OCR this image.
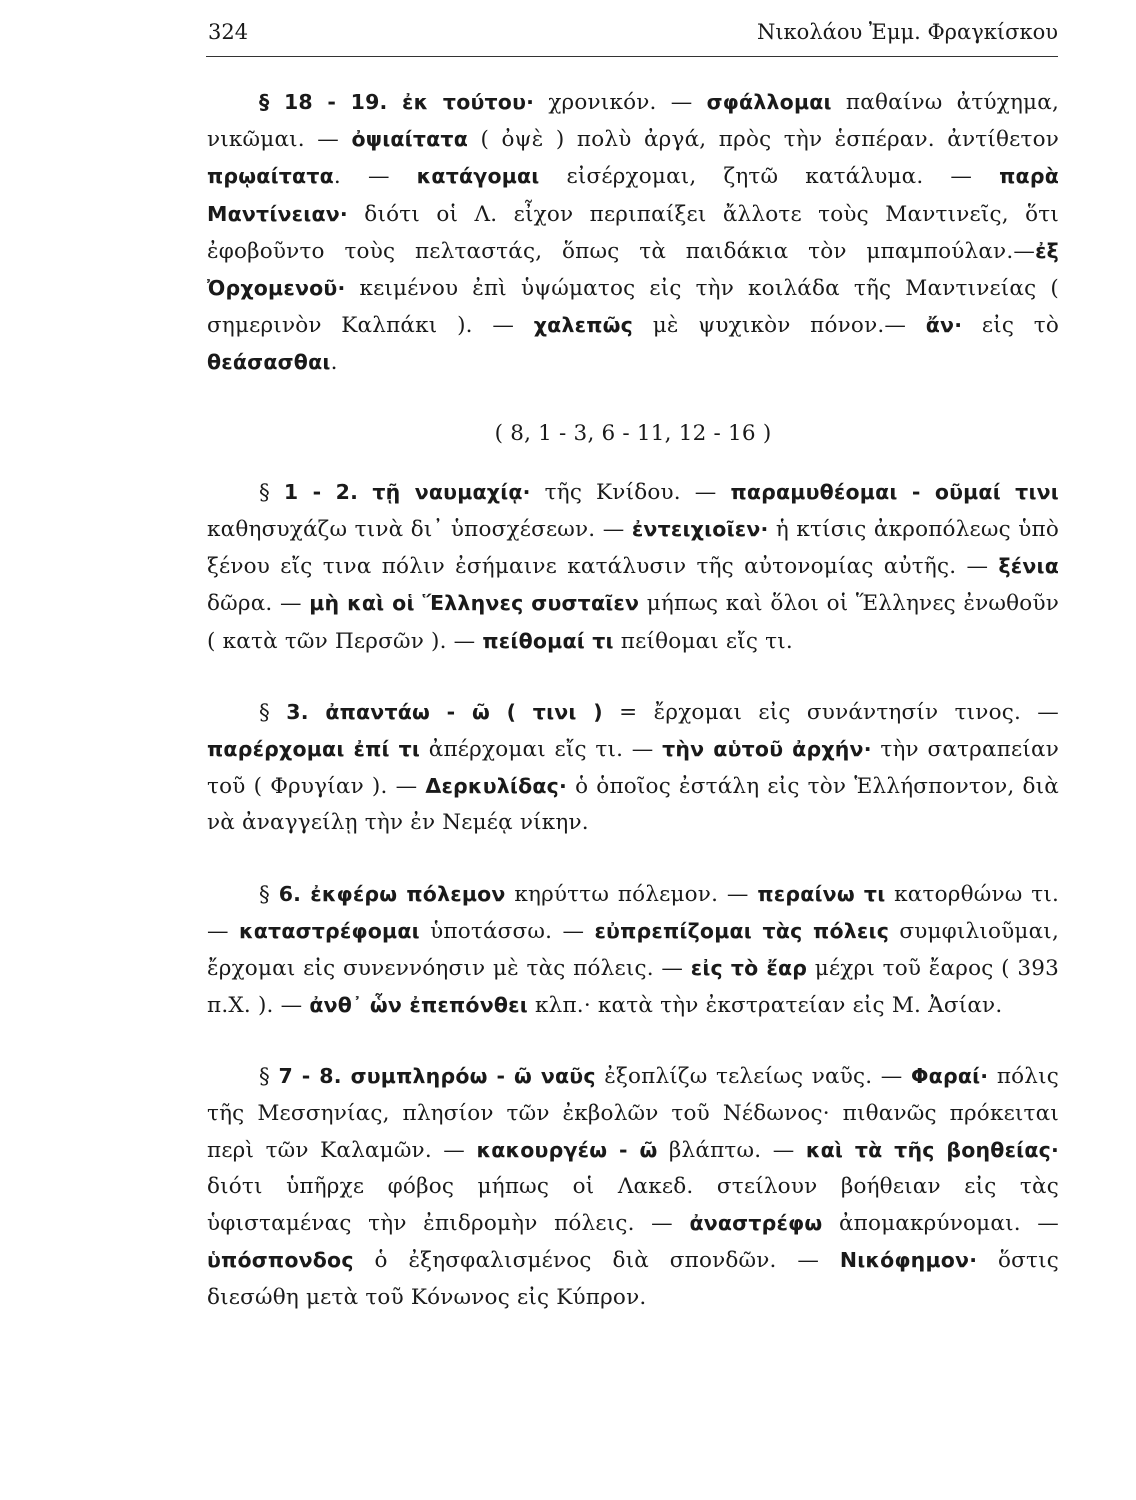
324	Νικολάου Ἐμμ. Φραγκίσκου

§ 18 - 19. ἐκ τούτου· χρονικόν. — σφάλλομαι παθαίνω ἀτύχημα, νικῶμαι. — ὀψιαίτατα ( ὀψὲ ) πολὺ ἀργά, πρὸς τὴν ἑσπέραν. ἀντίθετον πρῳαίτατα. — κατάγομαι εἰσέρχομαι, ζητῶ κατάλυμα. — παρὰ Μαντίνειαν· διότι οἱ Λ. εἶχον περιπαίξει ἄλλοτε τοὺς Μαντινεῖς, ὅτι ἐφοβοῦντο τοὺς πελταστάς, ὅπως τὰ παιδάκια τὸν μπαμπούλαν.—ἐξ Ὀρχομενοῦ· κειμένου ἐπὶ ὑψώματος εἰς τὴν κοιλάδα τῆς Μαντινείας ( σημερινὸν Καλπάκι ). — χαλεπῶς μὲ ψυχικὸν πόνον.— ἄν· εἰς τὸ θεάσασθαι.

( 8, 1 - 3, 6 - 11, 12 - 16 )

§ 1 - 2. τῇ ναυμαχίᾳ· τῆς Κνίδου. — παραμυθέομαι - οῦμαί τινι καθησυχάζω τινὰ δι᾿ ὑποσχέσεων. — ἐντειχιοῖεν· ἡ κτίσις ἀκροπόλεως ὑπὸ ξένου εἴς τινα πόλιν ἐσήμαινε κατάλυσιν τῆς αὐτονομίας αὐτῆς. — ξένια δῶρα. — μὴ καὶ οἱ Ἕλληνες συσταῖεν μήπως καὶ ὅλοι οἱ Ἕλληνες ἐνωθοῦν ( κατὰ τῶν Περσῶν ). — πείθομαί τι πείθομαι εἴς τι.

§ 3. ἀπαντάω - ῶ ( τινι ) = ἔρχομαι εἰς συνάντησίν τινος. — παρέρχομαι ἐπί τι ἀπέρχομαι εἴς τι. — τὴν αὑτοῦ ἀρχήν· τὴν σατραπείαν τοῦ ( Φρυγίαν ). — Δερκυλίδας· ὁ ὁποῖος ἐστάλη εἰς τὸν Ἑλλήσποντον, διὰ νὰ ἀναγγείλῃ τὴν ἐν Νεμέᾳ νίκην.

§ 6. ἐκφέρω πόλεμον κηρύττω πόλεμον. — περαίνω τι κατορθώνω τι. — καταστρέφομαι ὑποτάσσω. — εὐπρεπίζομαι τὰς πόλεις συμφιλιοῦμαι, ἔρχομαι εἰς συνεννόησιν μὲ τὰς πόλεις. — εἰς τὸ ἔαρ μέχρι τοῦ ἔαρος ( 393 π.Χ. ). — ἀνθ᾿ ὧν ἐπεπόνθει κλπ.· κατὰ τὴν ἐκστρατείαν εἰς Μ. Ἀσίαν.

§ 7 - 8. συμπληρόω - ῶ ναῦς ἐξοπλίζω τελείως ναῦς. — Φαραί· πόλις τῆς Μεσσηνίας, πλησίον τῶν ἐκβολῶν τοῦ Νέδωνος· πιθανῶς πρόκειται περὶ τῶν Καλαμῶν. — κακουργέω - ῶ βλάπτω. — καὶ τὰ τῆς βοηθείας· διότι ὑπῆρχε φόβος μήπως οἱ Λακεδ. στείλουν βοήθειαν εἰς τὰς ὑφισταμένας τὴν ἐπιδρομὴν πόλεις. — ἀναστρέφω ἀπομακρύνομαι. — ὑπόσπονδος ὁ ἐξησφαλισμένος διὰ σπονδῶν. — Νικόφημον· ὅστις διεσώθη μετὰ τοῦ Κόνωνος εἰς Κύπρον.
